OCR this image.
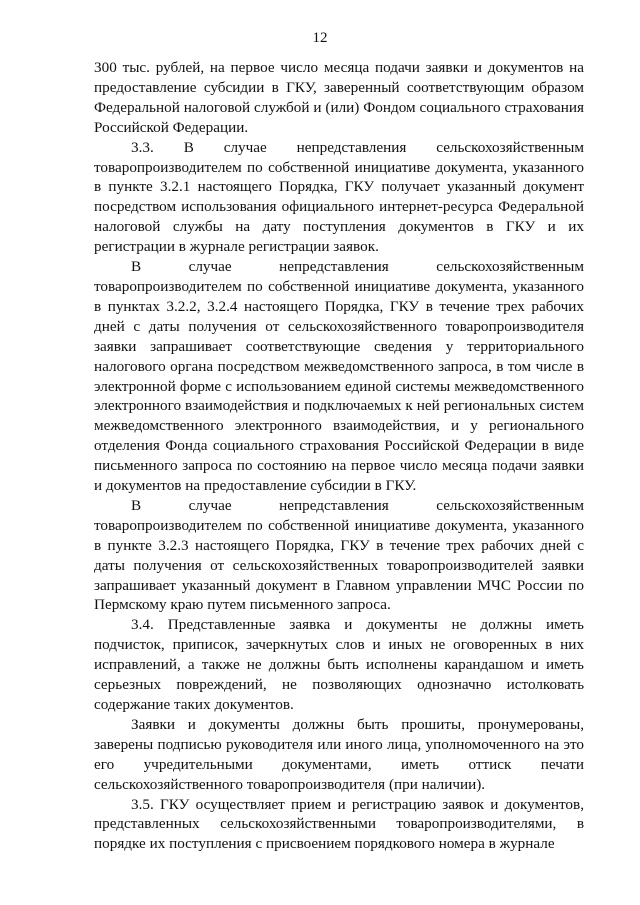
12

300 тыс. рублей, на первое число месяца подачи заявки и документов на предоставление субсидии в ГКУ, заверенный соответствующим образом Федеральной налоговой службой и (или) Фондом социального страхования Российской Федерации.

3.3. В случае непредставления сельскохозяйственным товаропроизводителем по собственной инициативе документа, указанного в пункте 3.2.1 настоящего Порядка, ГКУ получает указанный документ посредством использования официального интернет-ресурса Федеральной налоговой службы на дату поступления документов в ГКУ и их регистрации в журнале регистрации заявок.

В случае непредставления сельскохозяйственным товаропроизводителем по собственной инициативе документа, указанного в пунктах 3.2.2, 3.2.4 настоящего Порядка, ГКУ в течение трех рабочих дней с даты получения от сельскохозяйственного товаропроизводителя заявки запрашивает соответствующие сведения у территориального налогового органа посредством межведомственного запроса, в том числе в электронной форме с использованием единой системы межведомственного электронного взаимодействия и подключаемых к ней региональных систем межведомственного электронного взаимодействия, и у регионального отделения Фонда социального страхования Российской Федерации в виде письменного запроса по состоянию на первое число месяца подачи заявки и документов на предоставление субсидии в ГКУ.

В случае непредставления сельскохозяйственным товаропроизводителем по собственной инициативе документа, указанного в пункте 3.2.3 настоящего Порядка, ГКУ в течение трех рабочих дней с даты получения от сельскохозяйственных товаропроизводителей заявки запрашивает указанный документ в Главном управлении МЧС России по Пермскому краю путем письменного запроса.

3.4. Представленные заявка и документы не должны иметь подчисток, приписок, зачеркнутых слов и иных не оговоренных в них исправлений, а также не должны быть исполнены карандашом и иметь серьезных повреждений, не позволяющих однозначно истолковать содержание таких документов.

Заявки и документы должны быть прошиты, пронумерованы, заверены подписью руководителя или иного лица, уполномоченного на это его учредительными документами, иметь оттиск печати сельскохозяйственного товаропроизводителя (при наличии).

3.5. ГКУ осуществляет прием и регистрацию заявок и документов, представленных сельскохозяйственными товаропроизводителями, в порядке их поступления с присвоением порядкового номера в журнале
